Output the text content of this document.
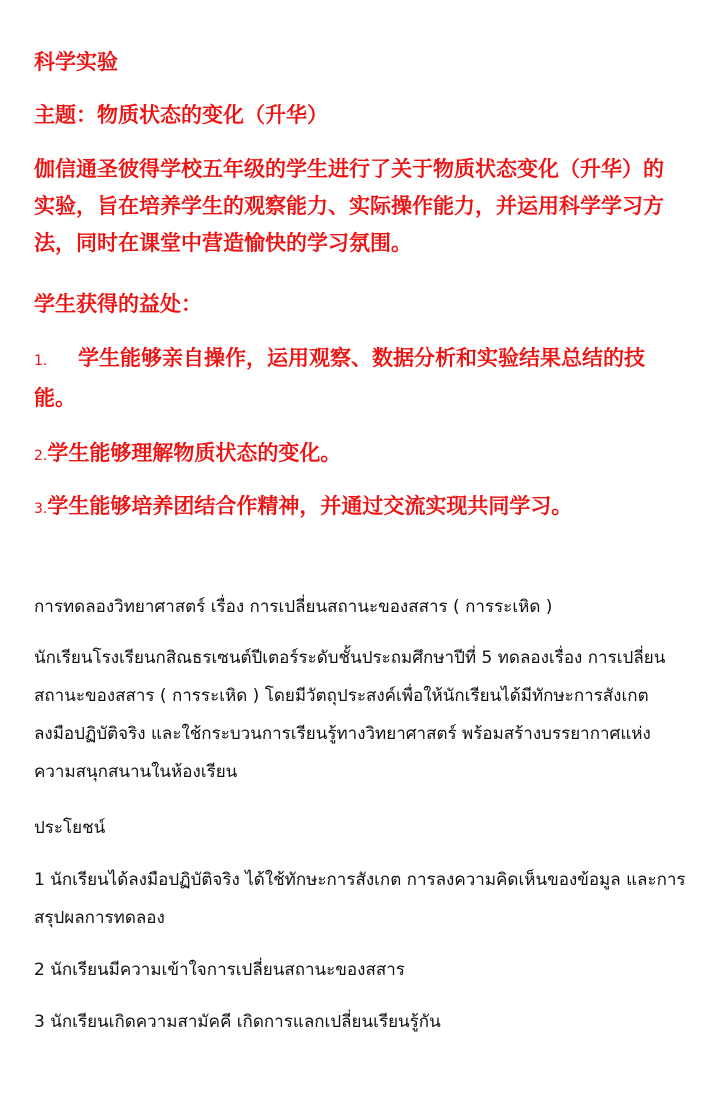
科学实验

主题：物质状态的变化（升华）

伽信通圣彼得学校五年级的学生进行了关于物质状态变化（升华）的实验，旨在培养学生的观察能力、实际操作能力，并运用科学学习方法，同时在课堂中营造愉快的学习氛围。

学生获得的益处：

1． 学生能够亲自操作，运用观察、数据分析和实验结果总结的技能。

2.学生能够理解物质状态的变化。

3.学生能够培养团结合作精神，并通过交流实现共同学习。

การทดลองวิทยาศาสตร์ เรื่อง การเปลี่ยนสถานะของสสาร ( การระเหิด )

นักเรียนโรงเรียนกสิณธรเซนต์ปีเตอร์ระดับชั้นประถมศึกษาปีที่ 5 ทดลองเรื่อง การเปลี่ยนสถานะของสสาร ( การระเหิด ) โดยมีวัตถุประสงค์เพื่อให้นักเรียนได้มีทักษะการสังเกต ลงมือปฏิบัติจริง และใช้กระบวนการเรียนรู้ทางวิทยาศาสตร์ พร้อมสร้างบรรยากาศแห่งความสนุกสนานในห้องเรียน

ประโยชน์

1 นักเรียนได้ลงมือปฏิบัติจริง ได้ใช้ทักษะการสังเกต การลงความคิดเห็นของข้อมูล และการสรุปผลการทดลอง

2 นักเรียนมีความเข้าใจการเปลี่ยนสถานะของสสาร

3 นักเรียนเกิดความสามัคคี เกิดการแลกเปลี่ยนเรียนรู้กัน
